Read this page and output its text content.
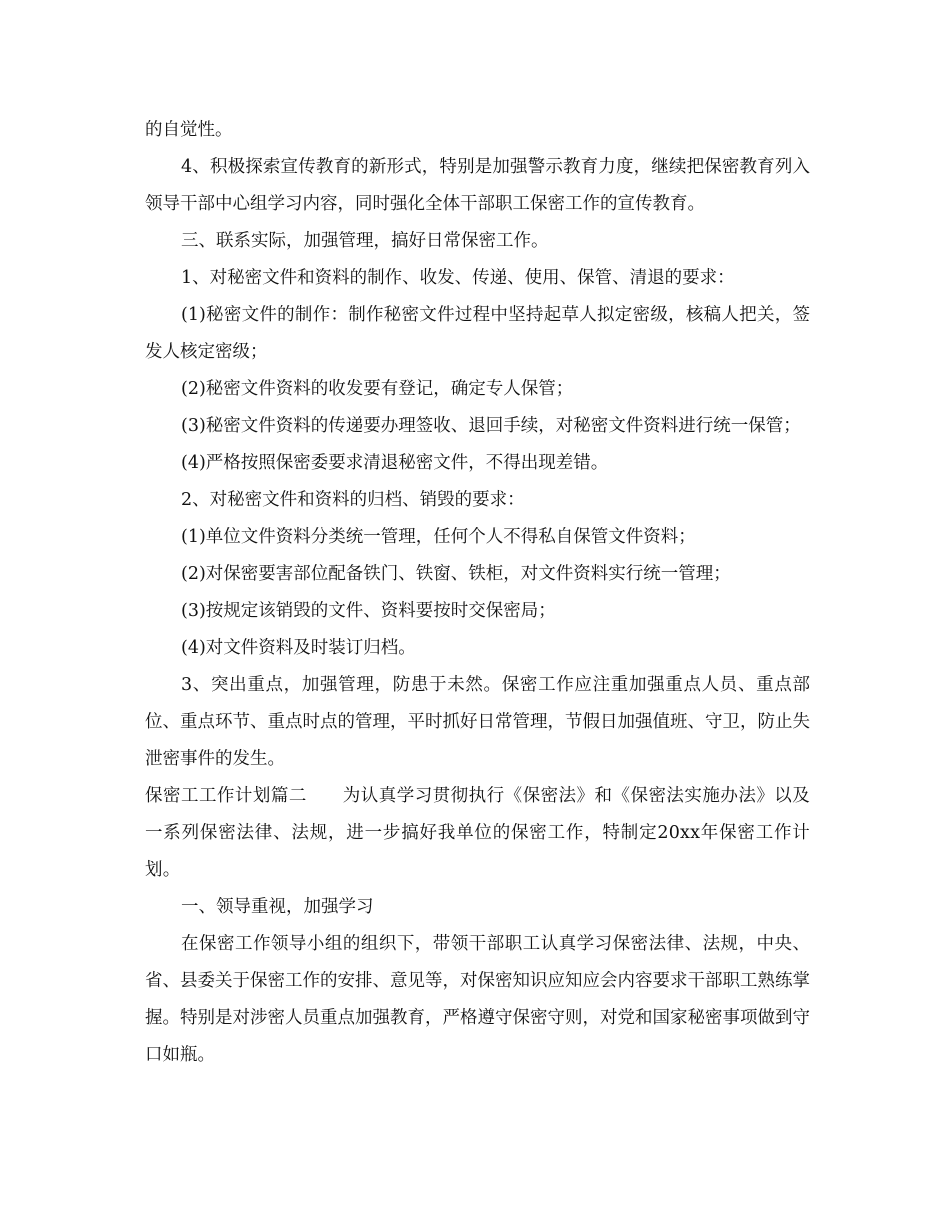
的自觉性。

4、积极探索宣传教育的新形式，特别是加强警示教育力度，继续把保密教育列入领导干部中心组学习内容，同时强化全体干部职工保密工作的宣传教育。

三、联系实际，加强管理，搞好日常保密工作。

1、对秘密文件和资料的制作、收发、传递、使用、保管、清退的要求：

(1)秘密文件的制作：制作秘密文件过程中坚持起草人拟定密级，核稿人把关，签发人核定密级；

(2)秘密文件资料的收发要有登记，确定专人保管；

(3)秘密文件资料的传递要办理签收、退回手续，对秘密文件资料进行统一保管；

(4)严格按照保密委要求清退秘密文件，不得出现差错。

2、对秘密文件和资料的归档、销毁的要求：

(1)单位文件资料分类统一管理，任何个人不得私自保管文件资料；

(2)对保密要害部位配备铁门、铁窗、铁柜，对文件资料实行统一管理；

(3)按规定该销毁的文件、资料要按时交保密局；

(4)对文件资料及时装订归档。

3、突出重点，加强管理，防患于未然。保密工作应注重加强重点人员、重点部位、重点环节、重点时点的管理，平时抓好日常管理，节假日加强值班、守卫，防止失泄密事件的发生。

保密工工作计划篇二　　为认真学习贯彻执行《保密法》和《保密法实施办法》以及一系列保密法律、法规，进一步搞好我单位的保密工作，特制定20xx年保密工作计划。

一、领导重视，加强学习

在保密工作领导小组的组织下，带领干部职工认真学习保密法律、法规，中央、省、县委关于保密工作的安排、意见等，对保密知识应知应会内容要求干部职工熟练掌握。特别是对涉密人员重点加强教育，严格遵守保密守则，对党和国家秘密事项做到守口如瓶。
